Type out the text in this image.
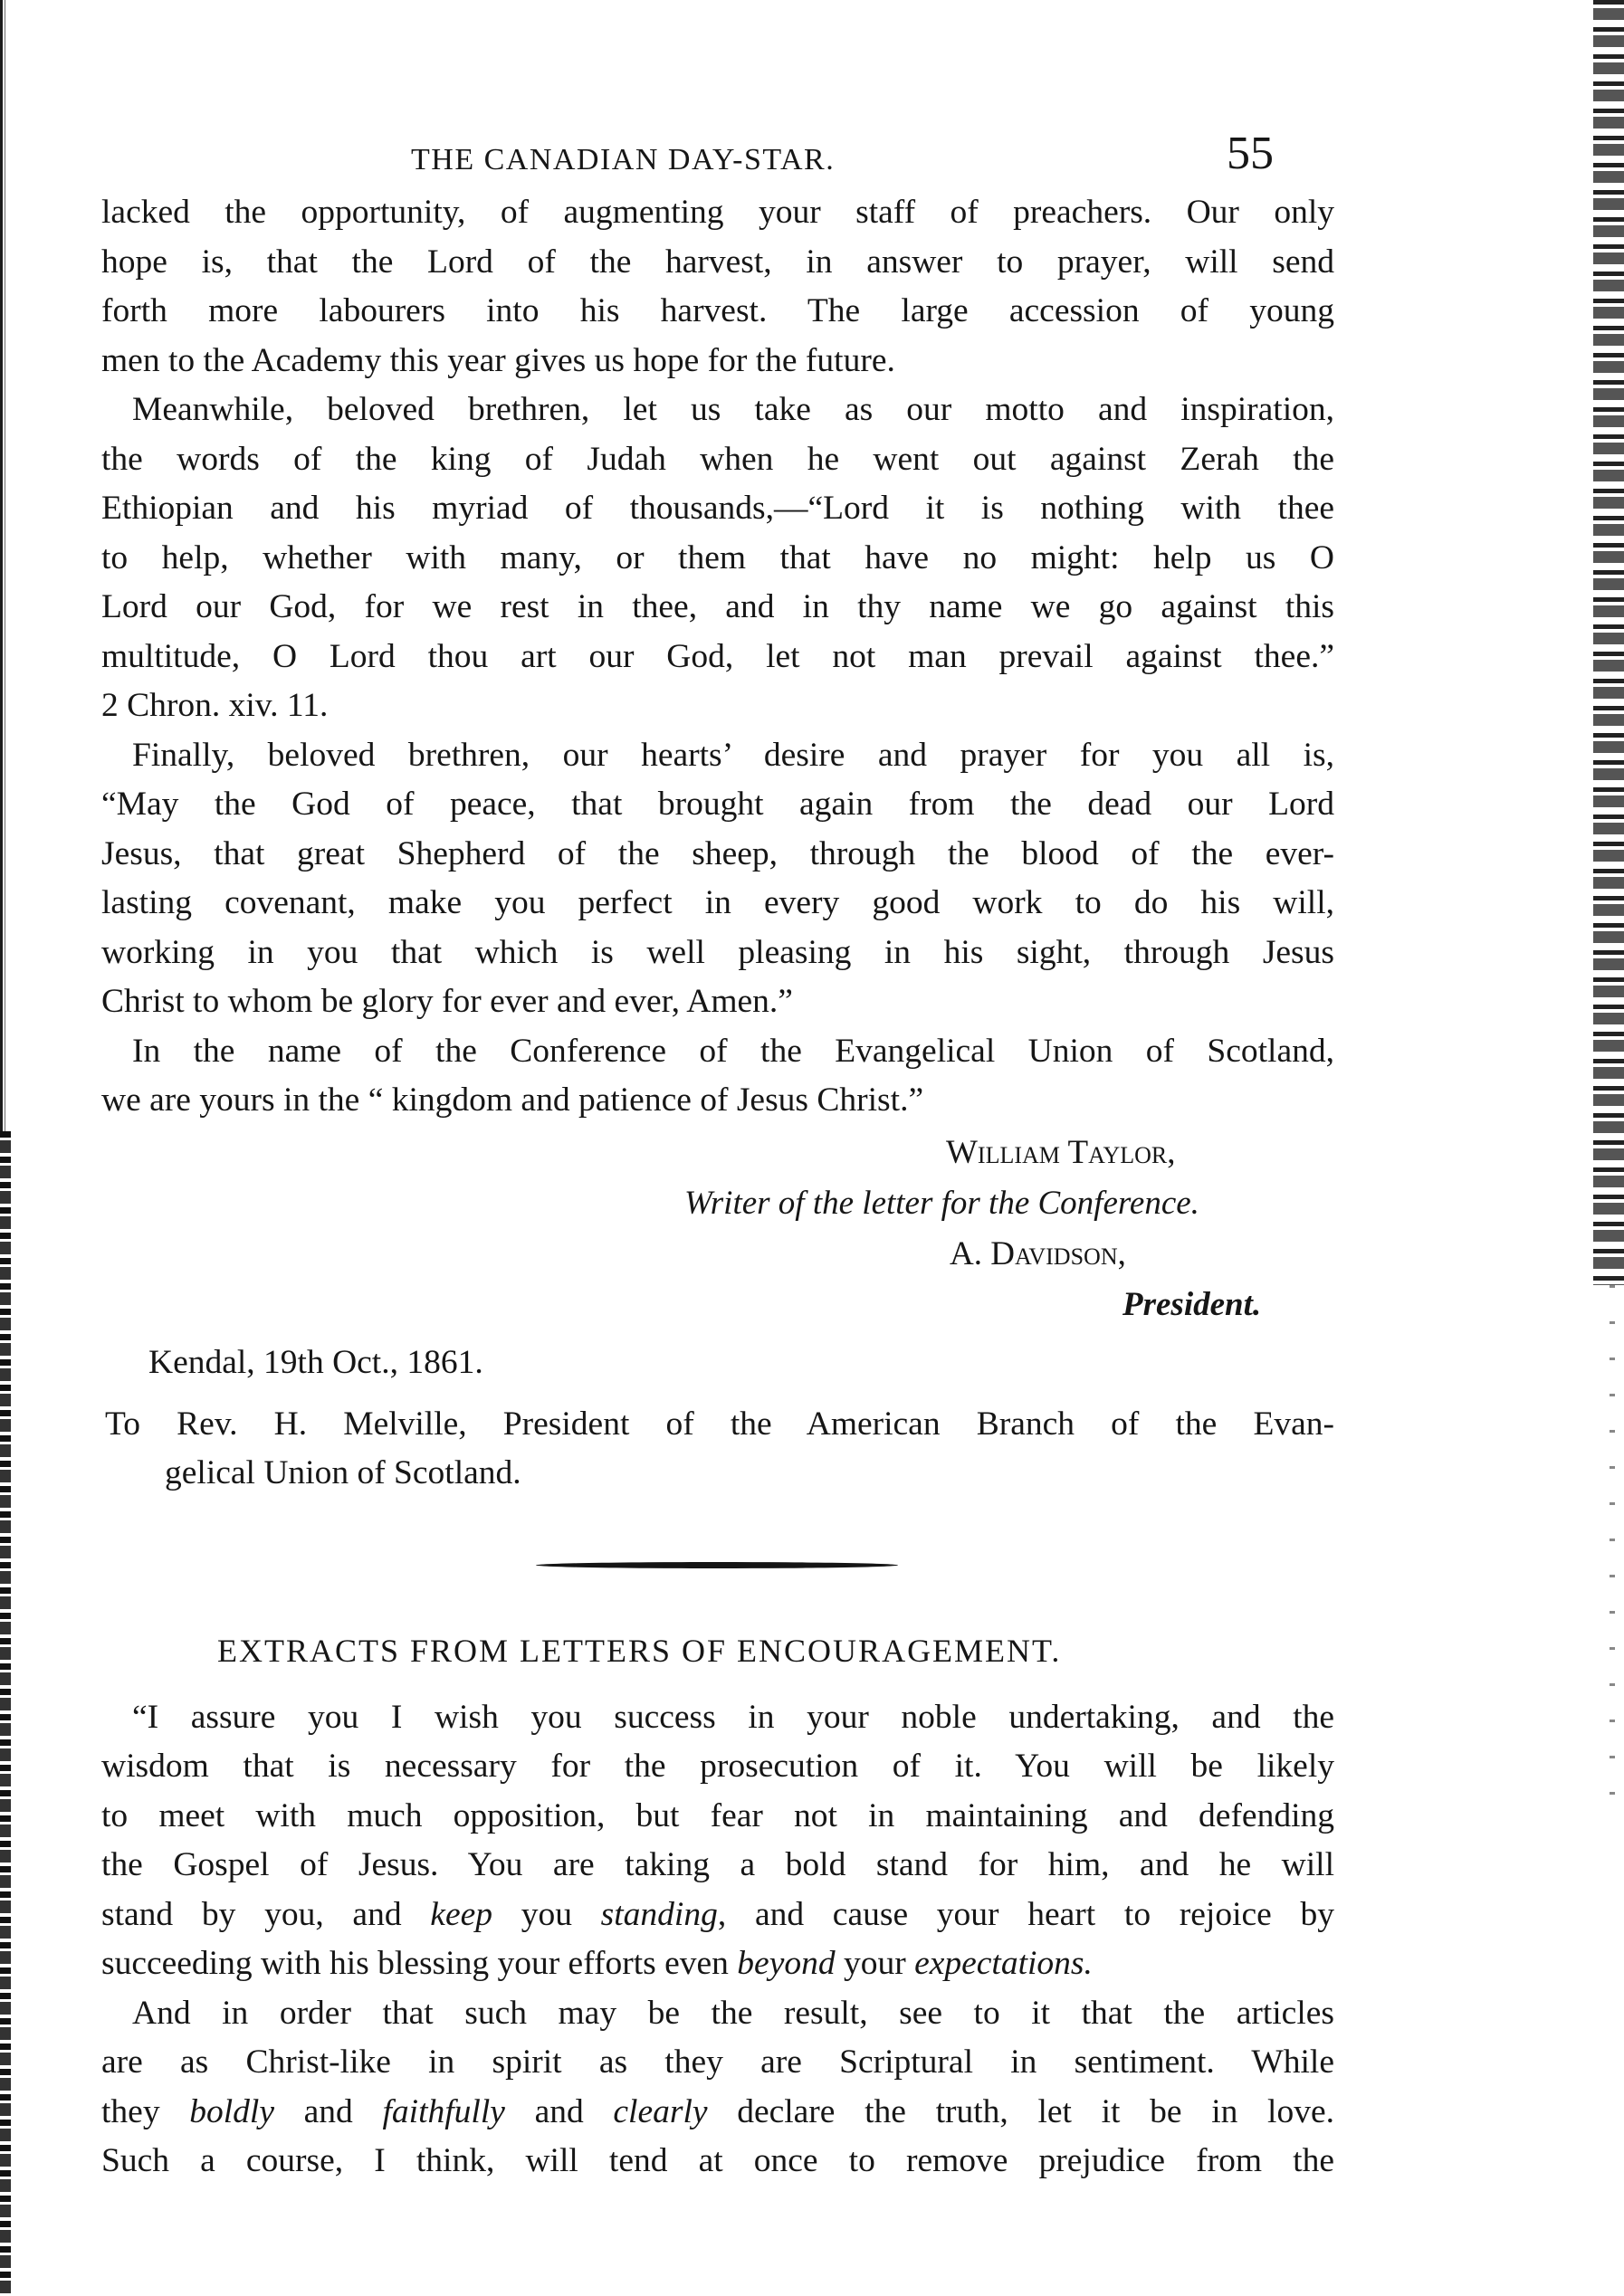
THE CANADIAN DAY-STAR.	55
lacked the opportunity, of augmenting your staff of preachers. Our only
hope is, that the Lord of the harvest, in answer to prayer, will send
forth more labourers into his harvest. The large accession of young
men to the Academy this year gives us hope for the future.
Meanwhile, beloved brethren, let us take as our motto and inspiration,
the words of the king of Judah when he went out against Zerah the
Ethiopian and his myriad of thousands,—“Lord it is nothing with thee
to help, whether with many, or them that have no might: help us O
Lord our God, for we rest in thee, and in thy name we go against this
multitude, O Lord thou art our God, let not man prevail against thee.”
2 Chron. xiv. 11.
Finally, beloved brethren, our hearts’ desire and prayer for you all is,
“May the God of peace, that brought again from the dead our Lord
Jesus, that great Shepherd of the sheep, through the blood of the ever-
lasting covenant, make you perfect in every good work to do his will,
working in you that which is well pleasing in his sight, through Jesus
Christ to whom be glory for ever and ever, Amen.”
In the name of the Conference of the Evangelical Union of Scotland,
we are yours in the “ kingdom and patience of Jesus Christ.”
William Taylor,
Writer of the letter for the Conference.
A. Davidson,
President.
Kendal, 19th Oct., 1861.
To Rev. H. Melville, President of the American Branch of the Evan-
gelical Union of Scotland.
EXTRACTS FROM LETTERS OF ENCOURAGEMENT.
“I assure you I wish you success in your noble undertaking, and the
wisdom that is necessary for the prosecution of it. You will be likely
to meet with much opposition, but fear not in maintaining and defending
the Gospel of Jesus. You are taking a bold stand for him, and he will
stand by you, and keep you standing, and cause your heart to rejoice by
succeeding with his blessing your efforts even beyond your expectations.
And in order that such may be the result, see to it that the articles
are as Christ-like in spirit as they are Scriptural in sentiment. While
they boldly and faithfully and clearly declare the truth, let it be in love.
Such a course, I think, will tend at once to remove prejudice from the
